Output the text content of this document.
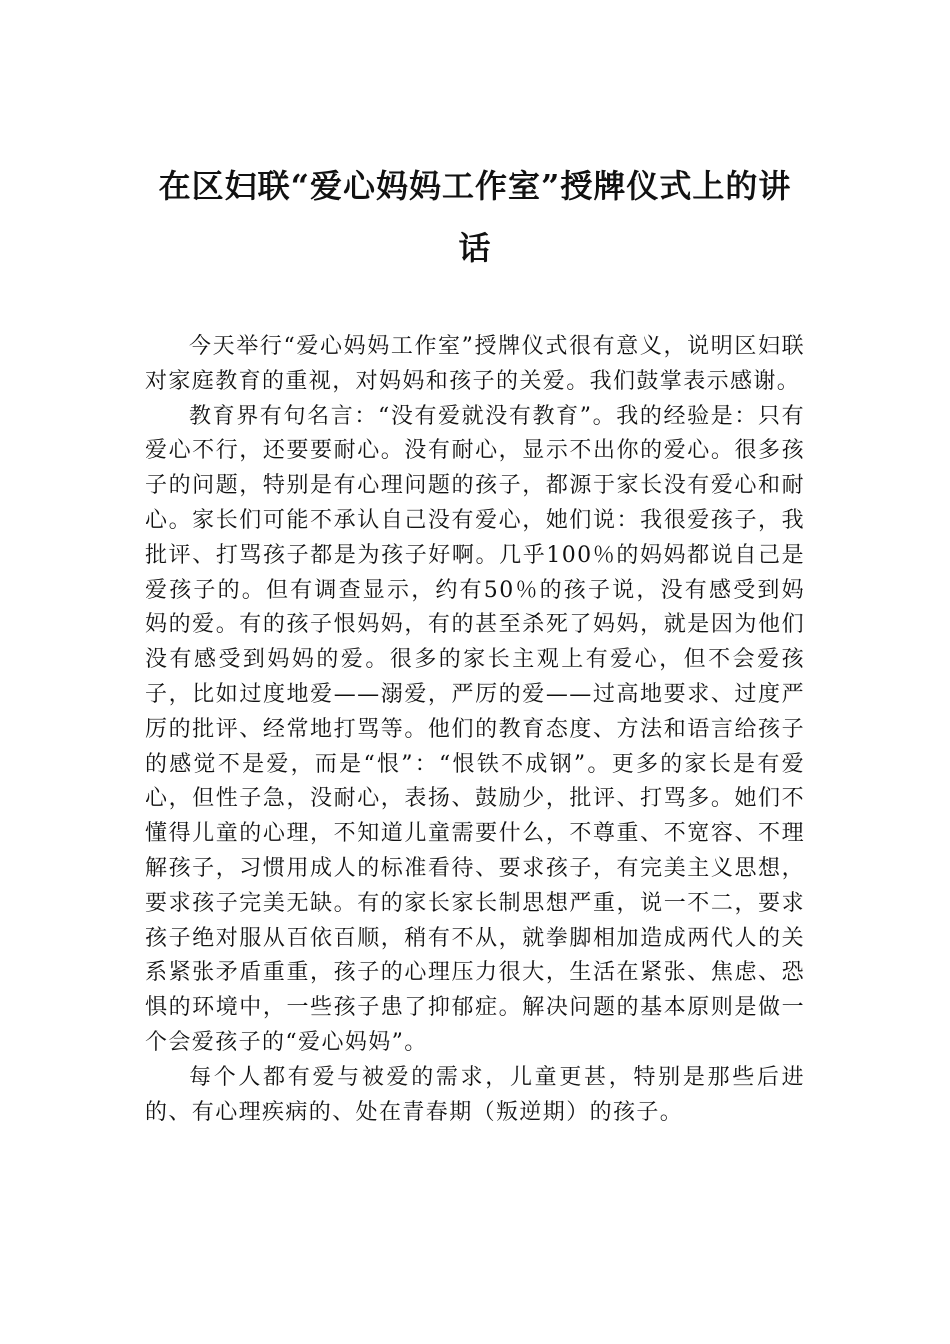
在区妇联“爱心妈妈工作室”授牌仪式上的讲话

今天举行“爱心妈妈工作室”授牌仪式很有意义，说明区妇联对家庭教育的重视，对妈妈和孩子的关爱。我们鼓掌表示感谢。

教育界有句名言：“没有爱就没有教育”。我的经验是：只有爱心不行，还要要耐心。没有耐心，显示不出你的爱心。很多孩子的问题，特别是有心理问题的孩子，都源于家长没有爱心和耐心。家长们可能不承认自己没有爱心，她们说：我很爱孩子，我批评、打骂孩子都是为孩子好啊。几乎100％的妈妈都说自己是爱孩子的。但有调查显示，约有50％的孩子说，没有感受到妈妈的爱。有的孩子恨妈妈，有的甚至杀死了妈妈，就是因为他们没有感受到妈妈的爱。很多的家长主观上有爱心，但不会爱孩子，比如过度地爱——溺爱，严厉的爱——过高地要求、过度严厉的批评、经常地打骂等。他们的教育态度、方法和语言给孩子的感觉不是爱，而是“恨”：“恨铁不成钢”。更多的家长是有爱心，但性子急，没耐心，表扬、鼓励少，批评、打骂多。她们不懂得儿童的心理，不知道儿童需要什么，不尊重、不宽容、不理解孩子，习惯用成人的标准看待、要求孩子，有完美主义思想，要求孩子完美无缺。有的家长家长制思想严重，说一不二，要求孩子绝对服从百依百顺，稍有不从，就拳脚相加造成两代人的关系紧张矛盾重重，孩子的心理压力很大，生活在紧张、焦虑、恐惧的环境中，一些孩子患了抑郁症。解决问题的基本原则是做一个会爱孩子的“爱心妈妈”。

每个人都有爱与被爱的需求，儿童更甚，特别是那些后进的、有心理疾病的、处在青春期（叛逆期）的孩子。
